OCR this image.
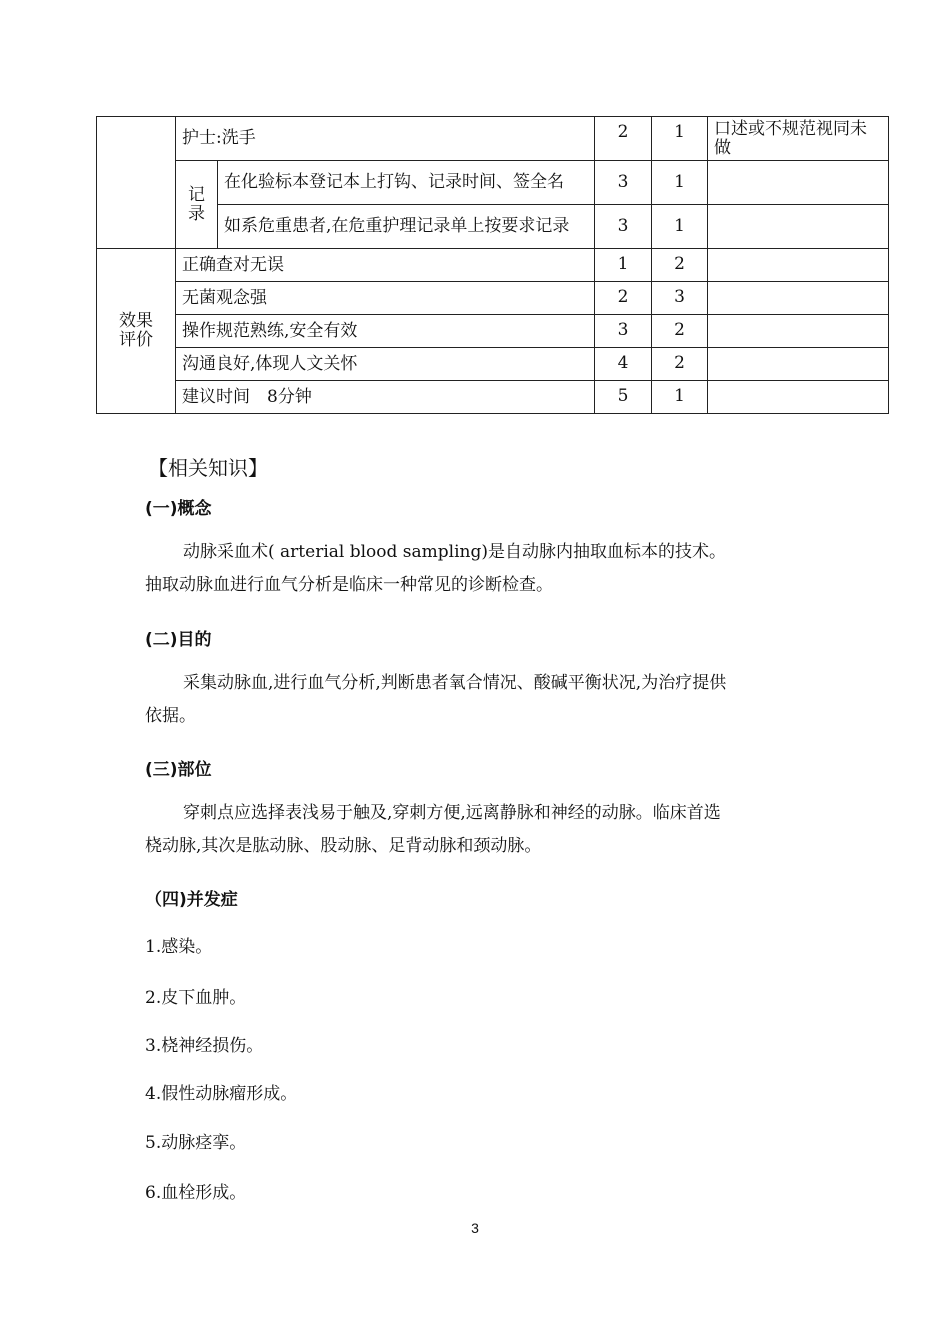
	护士:洗手		2	1	口述或不规范视同未做
	记
录	在化验标本登记本上打钩、记录时间、签全名	3	1	
		如系危重患者,在危重护理记录单上按要求记录	3	1	
效果
评价	正确查对无误		1	2	
	无菌观念强		2	3	
	操作规范熟练,安全有效		3	2	
	沟通良好,体现人文关怀		4	2	
	建议时间　8分钟		5	1	
【相关知识】
(一)概念
动脉采血术( arterial blood sampling)是自动脉内抽取血标本的技术。
抽取动脉血进行血气分析是临床一种常见的诊断检查。
(二)目的
采集动脉血,进行血气分析,判断患者氧合情况、酸碱平衡状况,为治疗提供
依据。
(三)部位
穿刺点应选择表浅易于触及,穿刺方便,远离静脉和神经的动脉。临床首选
桡动脉,其次是肱动脉、股动脉、足背动脉和颈动脉。
（四)并发症
1.感染。
2.皮下血肿。
3.桡神经损伤。
4.假性动脉瘤形成。
5.动脉痉挛。
6.血栓形成。
3
